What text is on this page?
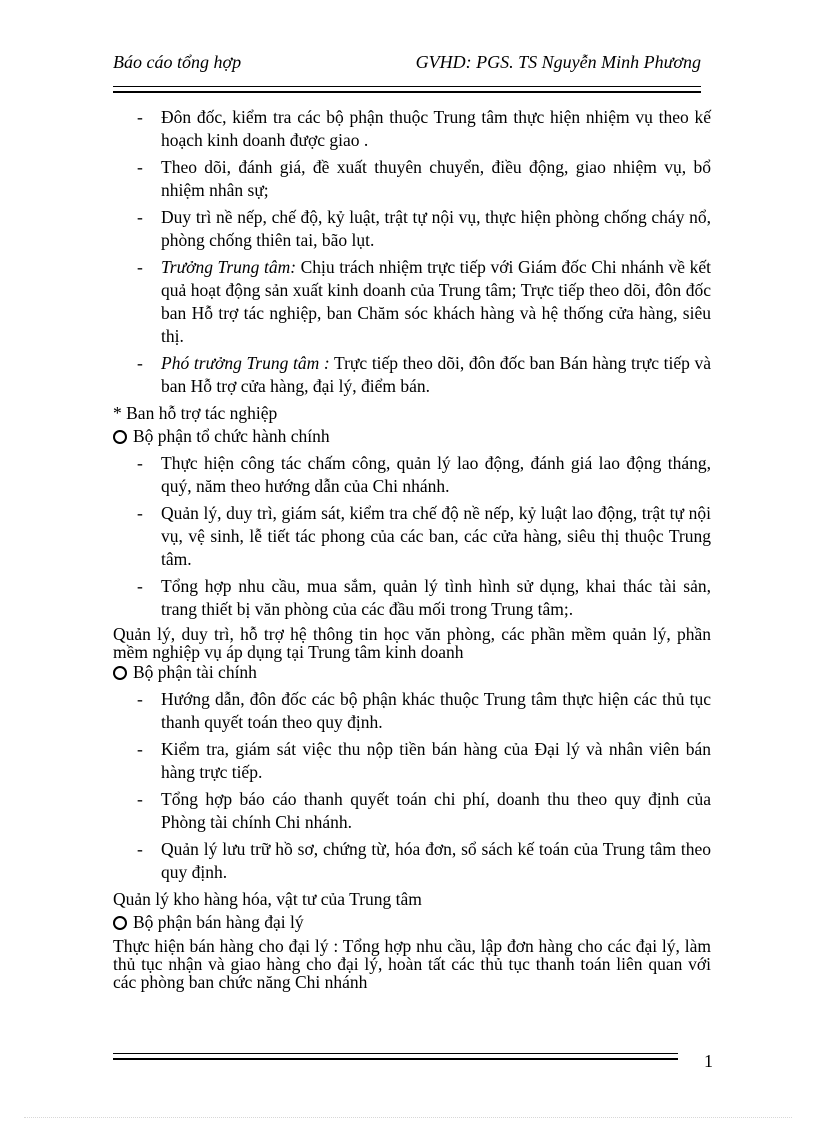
Báo cáo tổng hợp	GVHD: PGS. TS Nguyễn Minh Phương
- Đôn đốc, kiểm tra các bộ phận thuộc Trung tâm thực hiện nhiệm vụ theo kế hoạch kinh doanh được giao .
- Theo dõi, đánh giá, đề xuất thuyên chuyển, điều động, giao nhiệm vụ, bổ nhiệm nhân sự;
- Duy trì nề nếp, chế độ, kỷ luật, trật tự nội vụ, thực hiện phòng chống cháy nổ, phòng chống thiên tai, bão lụt.
- Trưởng Trung tâm: Chịu trách nhiệm trực tiếp với Giám đốc Chi nhánh về kết quả hoạt động sản xuất kinh doanh của Trung tâm; Trực tiếp theo dõi, đôn đốc ban Hỗ trợ tác nghiệp, ban Chăm sóc khách hàng và hệ thống cửa hàng, siêu thị.
- Phó trưởng Trung tâm : Trực tiếp theo dõi, đôn đốc ban Bán hàng trực tiếp và ban Hỗ trợ cửa hàng, đại lý, điểm bán.

* Ban hỗ trợ tác nghiệp

Bộ phận tổ chức hành chính

- Thực hiện công tác chấm công, quản lý lao động, đánh giá lao động tháng, quý, năm theo hướng dẫn của Chi nhánh.
- Quản lý, duy trì, giám sát, kiểm tra chế độ nề nếp, kỷ luật lao động, trật tự nội vụ, vệ sinh, lễ tiết tác phong của các ban, các cửa hàng, siêu thị thuộc Trung tâm.
- Tổng hợp nhu cầu, mua sắm, quản lý tình hình sử dụng, khai thác tài sản, trang thiết bị văn phòng của các đầu mối trong Trung tâm;.

Quản lý, duy trì, hỗ trợ hệ thông tin học văn phòng, các phần mềm quản lý, phần mềm nghiệp vụ áp dụng tại Trung tâm kinh doanh

Bộ phận tài chính

- Hướng dẫn, đôn đốc các bộ phận khác thuộc Trung tâm thực hiện các thủ tục thanh quyết toán theo quy định.
- Kiểm tra, giám sát việc thu nộp tiền bán hàng của Đại lý và nhân viên bán hàng trực tiếp.
- Tổng hợp báo cáo thanh quyết toán chi phí, doanh thu theo quy định của Phòng tài chính Chi nhánh.
- Quản lý lưu trữ hồ sơ, chứng từ, hóa đơn, sổ sách kế toán của Trung tâm theo quy định.

Quản lý kho hàng hóa, vật tư của Trung tâm

Bộ phận bán hàng đại lý

Thực hiện bán hàng cho đại lý : Tổng hợp nhu cầu, lập đơn hàng cho các đại lý, làm thủ tục nhận và giao hàng cho đại lý, hoàn tất các thủ tục thanh toán liên quan với các phòng ban chức năng Chi nhánh

1
